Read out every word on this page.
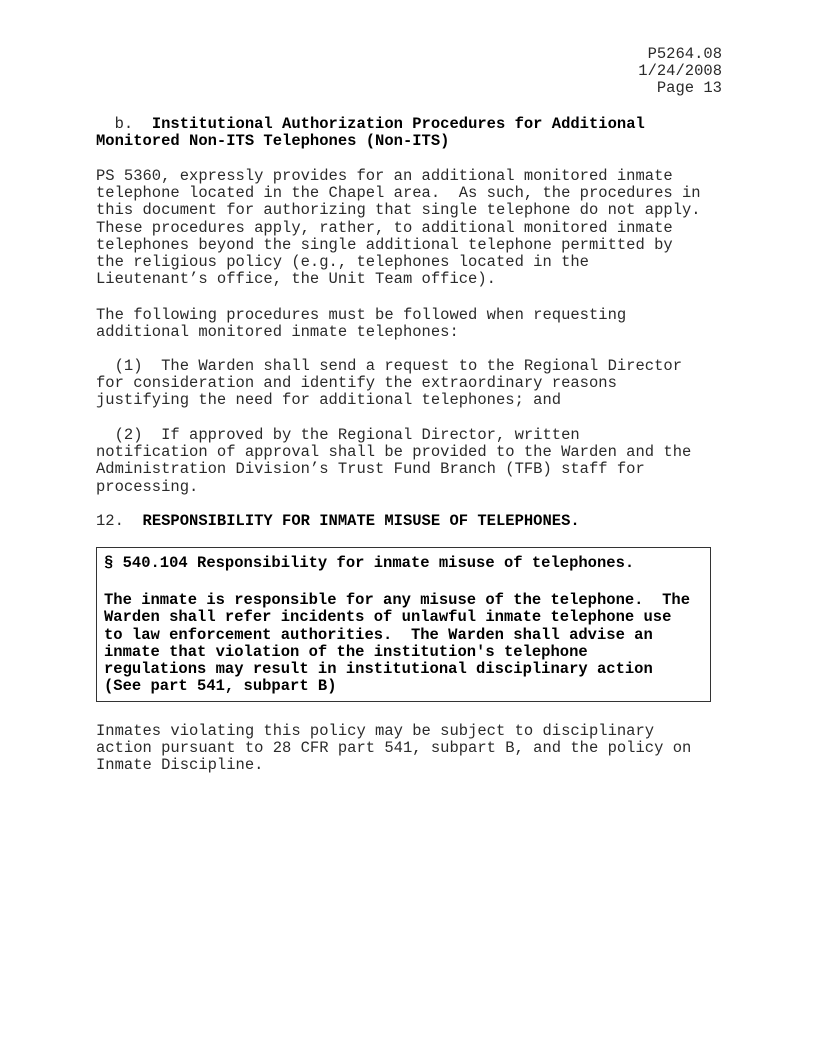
P5264.08
1/24/2008
Page 13
b.  Institutional Authorization Procedures for Additional
Monitored Non-ITS Telephones (Non-ITS)
PS 5360, expressly provides for an additional monitored inmate
telephone located in the Chapel area.  As such, the procedures in
this document for authorizing that single telephone do not apply.
These procedures apply, rather, to additional monitored inmate
telephones beyond the single additional telephone permitted by
the religious policy (e.g., telephones located in the
Lieutenant’s office, the Unit Team office).
The following procedures must be followed when requesting
additional monitored inmate telephones:
(1)  The Warden shall send a request to the Regional Director
for consideration and identify the extraordinary reasons
justifying the need for additional telephones; and
(2)  If approved by the Regional Director, written
notification of approval shall be provided to the Warden and the
Administration Division’s Trust Fund Branch (TFB) staff for
processing.
12.  RESPONSIBILITY FOR INMATE MISUSE OF TELEPHONES.
§ 540.104 Responsibility for inmate misuse of telephones.
The inmate is responsible for any misuse of the telephone.  The
Warden shall refer incidents of unlawful inmate telephone use
to law enforcement authorities.  The Warden shall advise an
inmate that violation of the institution's telephone
regulations may result in institutional disciplinary action
(See part 541, subpart B)
Inmates violating this policy may be subject to disciplinary
action pursuant to 28 CFR part 541, subpart B, and the policy on
Inmate Discipline.
